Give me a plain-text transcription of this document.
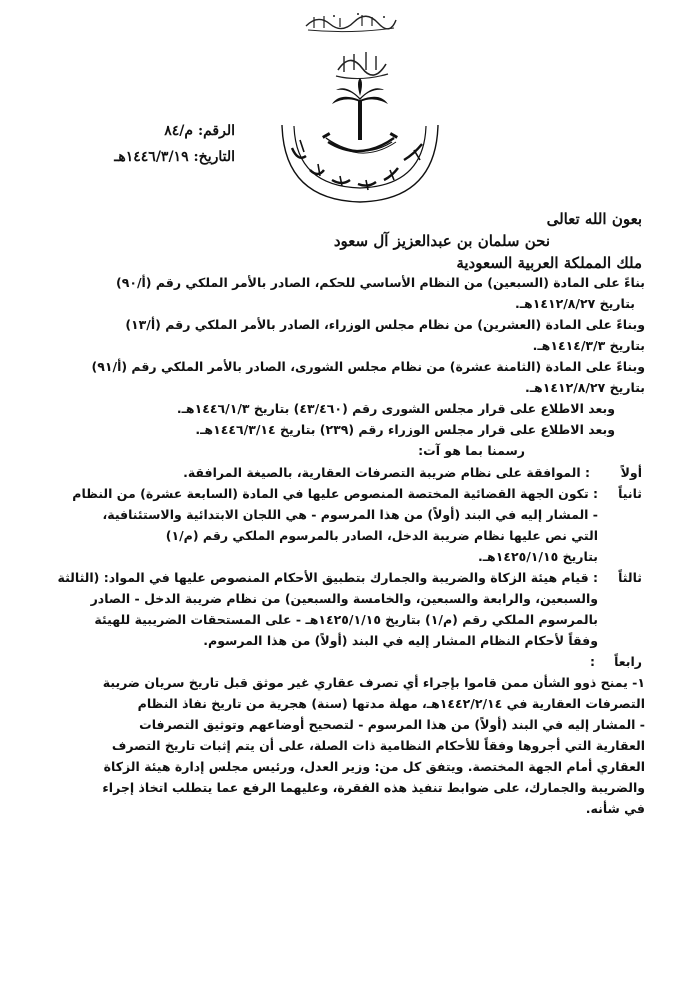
الرقم: م/٨٤
التاريخ: ١٤٤٦/٣/١٩هـ
بعون الله تعالى
نحن سلمان بن عبدالعزيز آل سعود
ملك المملكة العربية السعودية
بناءً على المادة (السبعين) من النظام الأساسي للحكم، الصادر بالأمر الملكي رقم (أ/٩٠)
بتاريخ ١٤١٢/٨/٢٧هـ.
وبناءً على المادة (العشرين) من نظام مجلس الوزراء، الصادر بالأمر الملكي رقم (أ/١٣)
بتاريخ ١٤١٤/٣/٣هـ.
وبناءً على المادة (الثامنة عشرة) من نظام مجلس الشورى، الصادر بالأمر الملكي رقم (أ/٩١)
بتاريخ ١٤١٢/٨/٢٧هـ.
وبعد الاطلاع على قرار مجلس الشورى رقم (٤٣/٤٦٠) بتاريخ ١٤٤٦/١/٣هـ.
وبعد الاطلاع على قرار مجلس الوزراء رقم (٢٣٩) بتاريخ ١٤٤٦/٣/١٤هـ.
رسمنا بما هو آت:
أولاً
: الموافقة على نظام ضريبة التصرفات العقارية، بالصيغة المرافقة.
ثانياً
: تكون الجهة القضائية المختصة المنصوص عليها في المادة (السابعة عشرة) من النظام
- المشار إليه في البند (أولاً) من هذا المرسوم - هي اللجان الابتدائية والاستئنافية،
التي نص عليها نظام ضريبة الدخل، الصادر بالمرسوم الملكي رقم (م/١)
بتاريخ ١٤٢٥/١/١٥هـ.
ثالثاً
: قيام هيئة الزكاة والضريبة والجمارك بتطبيق الأحكام المنصوص عليها في المواد: (الثالثة
والسبعين، والرابعة والسبعين، والخامسة والسبعين) من نظام ضريبة الدخل - الصادر
بالمرسوم الملكي رقم (م/١) بتاريخ ١٤٢٥/١/١٥هـ - على المستحقات الضريبية للهيئة
وفقاً لأحكام النظام المشار إليه في البند (أولاً) من هذا المرسوم.
رابعاً
:
١- يمنح ذوو الشأن ممن قاموا بإجراء أي تصرف عقاري غير موثق قبل تاريخ سريان ضريبة
التصرفات العقارية في ١٤٤٢/٢/١٤هـ، مهلة مدتها (سنة) هجرية من تاريخ نفاذ النظام
- المشار إليه في البند (أولاً) من هذا المرسوم - لتصحيح أوضاعهم وتوثيق التصرفات
العقارية التي أجروها وفقاً للأحكام النظامية ذات الصلة، على أن يتم إثبات تاريخ التصرف
العقاري أمام الجهة المختصة. ويتفق كل من: وزير العدل، ورئيس مجلس إدارة هيئة الزكاة
والضريبة والجمارك، على ضوابط تنفيذ هذه الفقرة، وعليهما الرفع عما يتطلب اتخاذ إجراء
في شأنه.
